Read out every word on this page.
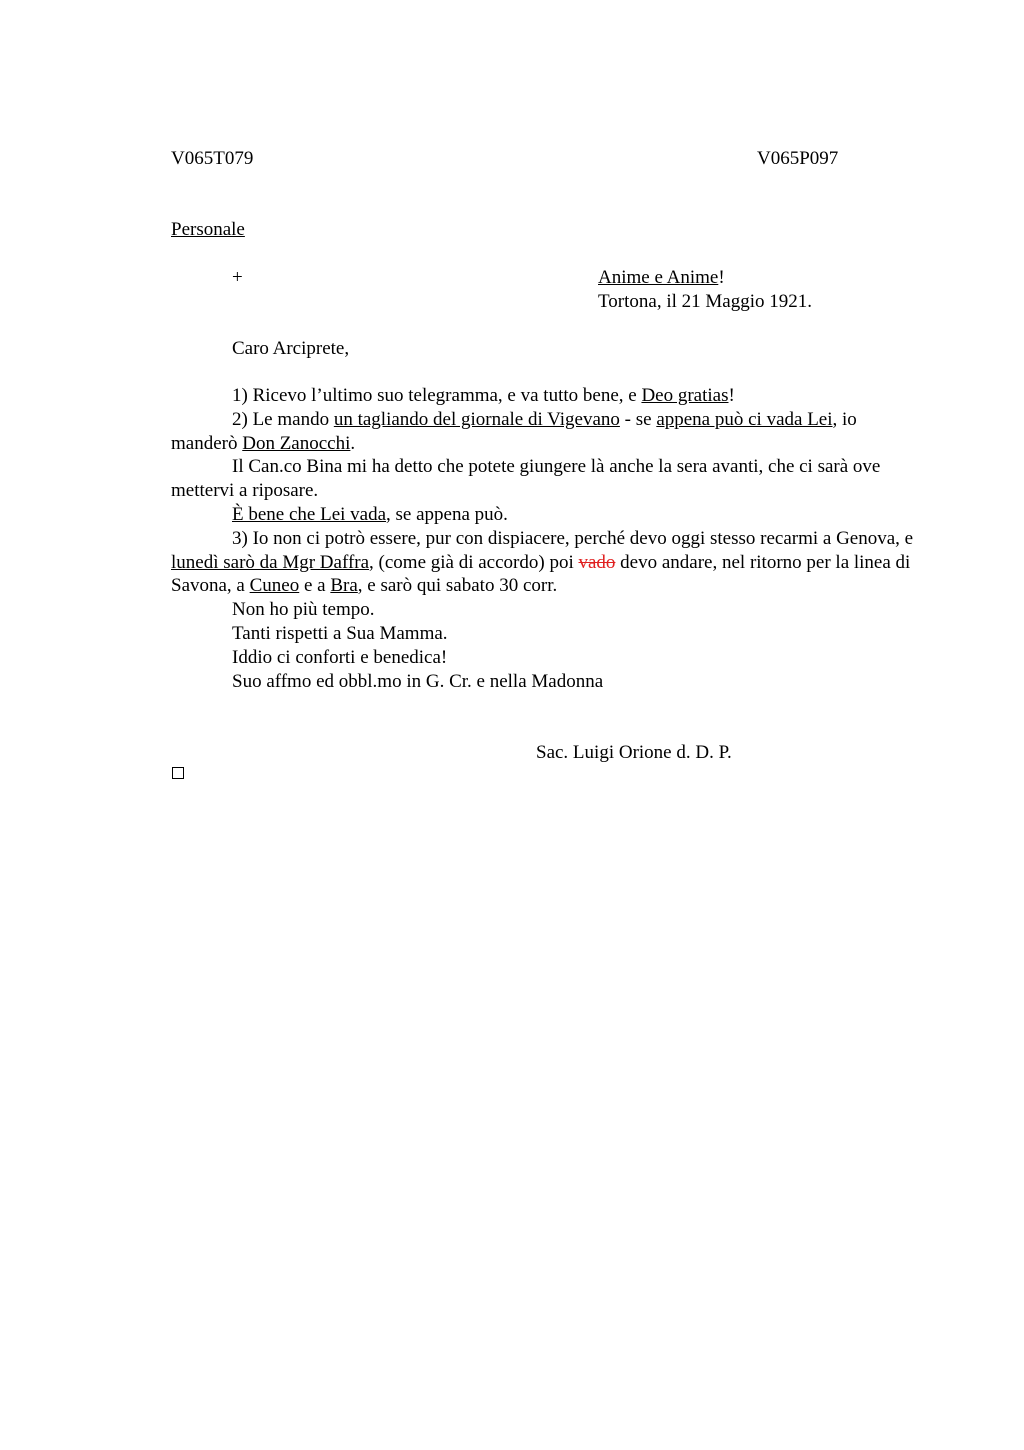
V065T079	V065P097
Personale
+	Anime e Anime!
Tortona, il 21 Maggio 1921.
Caro Arciprete,

1) Ricevo l’ultimo suo telegramma, e va tutto bene, e Deo gratias!

2) Le mando un tagliando del giornale di Vigevano - se appena può ci vada Lei, io manderò Don Zanocchi.

Il Can.co Bina mi ha detto che potete giungere là anche la sera avanti, che ci sarà ove mettervi a riposare.

È bene che Lei vada, se appena può.

3) Io non ci potrò essere, pur con dispiacere, perché devo oggi stesso recarmi a Genova, e lunedì sarò da Mgr Daffra, (come già di accordo) poi vado devo andare, nel ritorno per la linea di Savona, a Cuneo e a Bra, e sarò qui sabato 30 corr.

Non ho più tempo.

Tanti rispetti a Sua Mamma.

Iddio ci conforti e benedica!

Suo affmo ed obbl.mo in G. Cr. e nella Madonna

Sac. Luigi Orione d. D. P.
